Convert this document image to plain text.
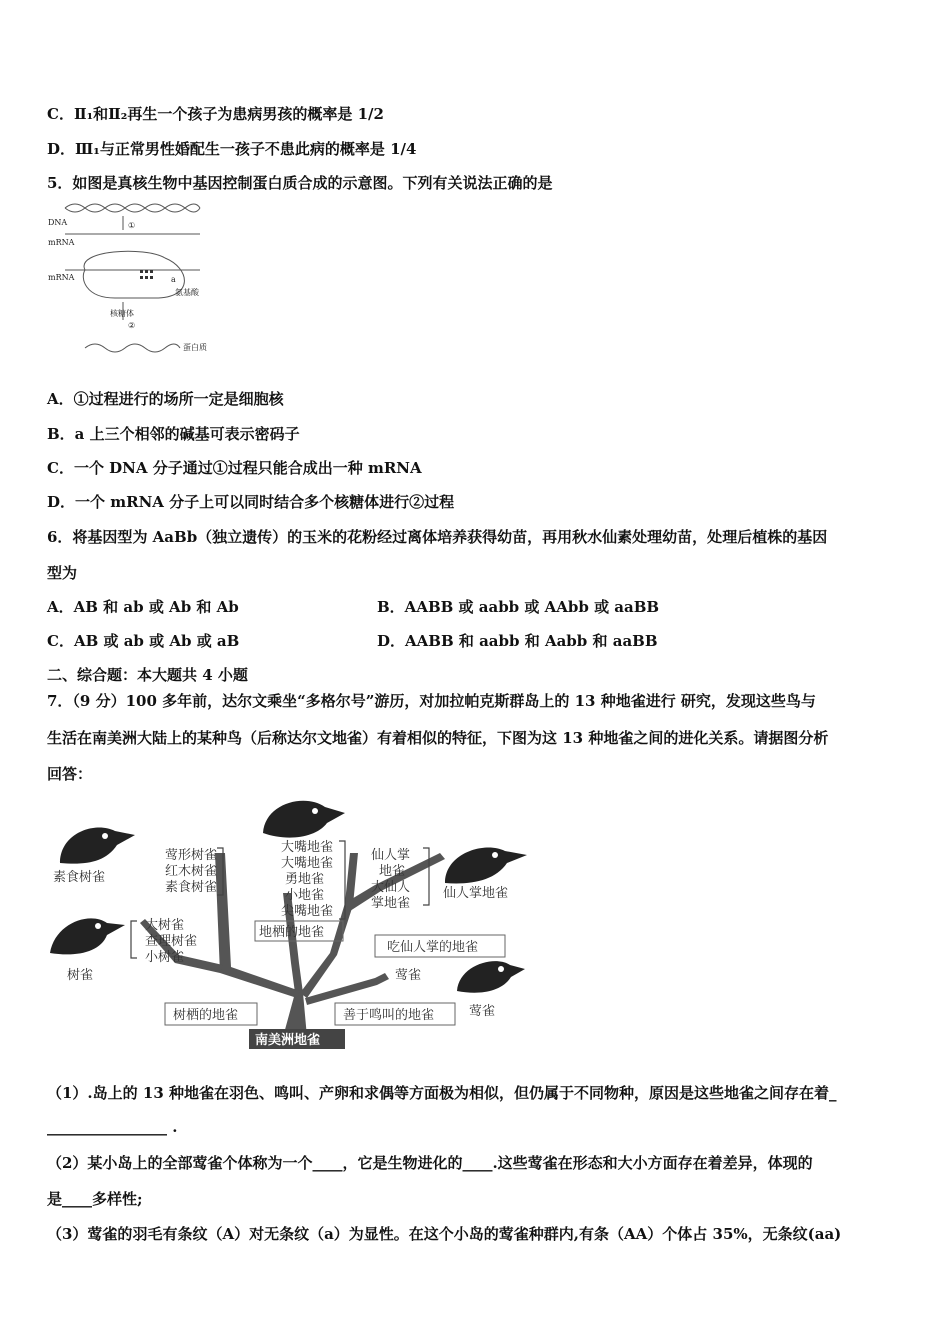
C．Ⅱ₁和Ⅱ₂再生一个孩子为患病男孩的概率是 1/2
D．Ⅲ₁与正常男性婚配生一孩子不患此病的概率是 1/4
5．如图是真核生物中基因控制蛋白质合成的示意图。下列有关说法正确的是
DNA
mRNA
mRNA
①
②
a
氨基酸
核糖体
蛋白质
A．①过程进行的场所一定是细胞核
B．a 上三个相邻的碱基可表示密码子
C．一个 DNA 分子通过①过程只能合成出一种 mRNA
D．一个 mRNA 分子上可以同时结合多个核糖体进行②过程
6．将基因型为 AaBb（独立遗传）的玉米的花粉经过离体培养获得幼苗，再用秋水仙素处理幼苗，处理后植株的基因
型为
A．AB 和 ab 或 Ab 和 Ab	B．AABB 或 aabb 或 AAbb 或 aaBB
C．AB 或 ab 或 Ab 或 aB	D．AABB 和 aabb 和 Aabb 和 aaBB
二、综合题：本大题共 4 小题
7．（9 分）100 多年前，达尔文乘坐“多格尔号”游历，对加拉帕克斯群岛上的 13 种地雀进行 研究，发现这些鸟与
生活在南美洲大陆上的某种鸟（后称达尔文地雀）有着相似的特征，下图为这 13 种地雀之间的进化关系。请据图分析
回答：
莺形树雀
红木树雀
素食树雀
大嘴地雀
大嘴地雀
勇地雀
小地雀
尖嘴地雀
仙人掌
地雀
大仙人
掌地雀
大树雀
查理树雀
小树雀
素食树雀
树雀
仙人掌地雀
莺雀
莺雀
地栖的地雀
吃仙人掌的地雀
树栖的地雀	善于鸣叫的地雀
南美洲地雀
（1）.岛上的 13 种地雀在羽色、鸣叫、产卵和求偶等方面极为相似，但仍属于不同物种，原因是这些地雀之间存在着_
________________ .
（2）某小岛上的全部莺雀个体称为一个____，它是生物进化的____.这些莺雀在形态和大小方面存在着差异，体现的
是____多样性;
（3）莺雀的羽毛有条纹（A）对无条纹（a）为显性。在这个小岛的莺雀种群内,有条（AA）个体占 35%，无条纹(aa)
